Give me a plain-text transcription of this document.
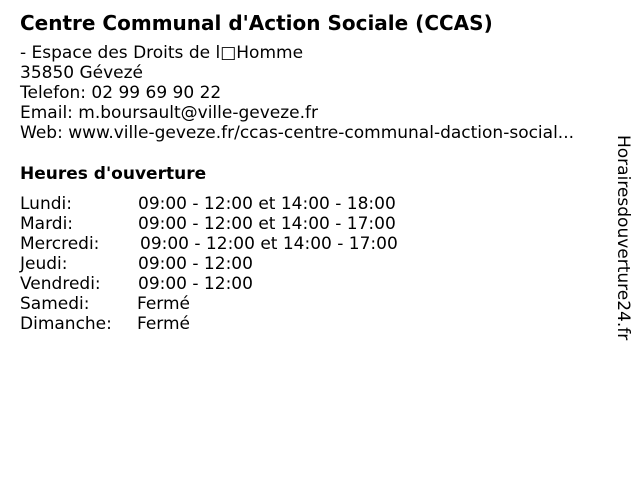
Centre Communal d'Action Sociale (CCAS)
- Espace des Droits de l□Homme
35850 Gévezé
Telefon: 02 99 69 90 22
Email: m.boursault@ville-geveze.fr
Web: www.ville-geveze.fr/ccas-centre-communal-daction-social...
Heures d'ouverture
Lundi:	09:00 - 12:00 et 14:00 - 18:00
Mardi:	09:00 - 12:00 et 14:00 - 17:00
Mercredi: 09:00 - 12:00 et 14:00 - 17:00
Jeudi:	09:00 - 12:00
Vendredi: 09:00 - 12:00
Samedi:	Fermé
Dimanche: Fermé	Horairesdouverture24.fr
